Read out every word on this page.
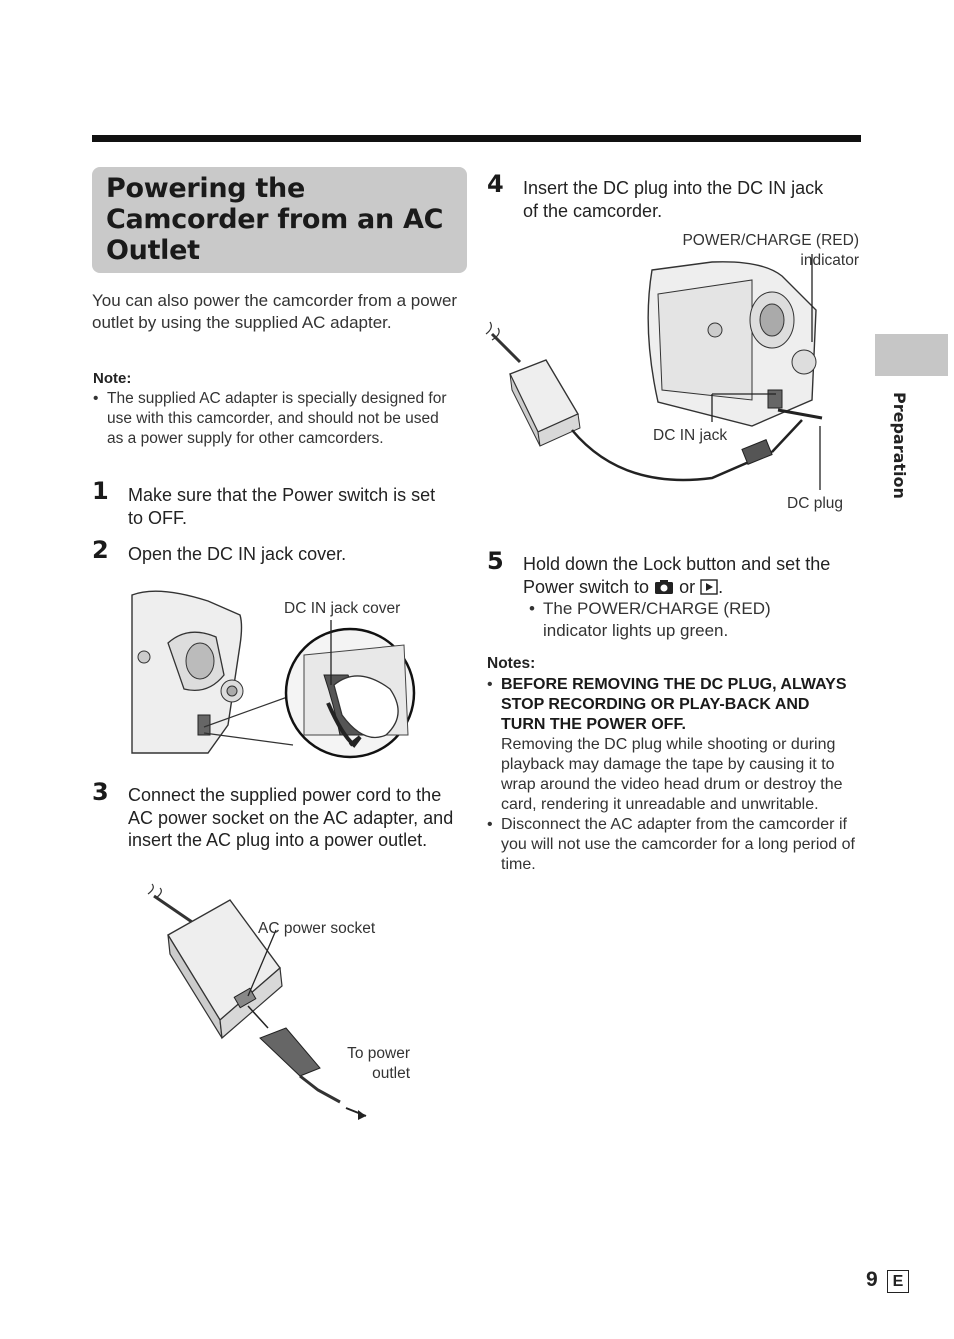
Powering the Camcorder from an AC Outlet
You can also power the camcorder from a power outlet by using the supplied AC adapter.
Note:
• The supplied AC adapter is specially designed for use with this camcorder, and should not be used as a power supply for other camcorders.
1 Make sure that the Power switch is set to OFF.
2 Open the DC IN jack cover.
DC IN jack cover
3 Connect the supplied power cord to the AC power socket on the AC adapter, and insert the AC plug into a power outlet.
AC power socket
To power outlet
4 Insert the DC plug into the DC IN jack of the camcorder.
POWER/CHARGE (RED) indicator
DC IN jack
DC plug
5 Hold down the Lock button and set the Power switch to or .
• The POWER/CHARGE (RED) indicator lights up green.
Notes:
• BEFORE REMOVING THE DC PLUG, ALWAYS STOP RECORDING OR PLAY-BACK AND TURN THE POWER OFF.
Removing the DC plug while shooting or during playback may damage the tape by causing it to wrap around the video head drum or destroy the card, rendering it unreadable and unwritable.
• Disconnect the AC adapter from the camcorder if you will not use the camcorder for a long period of time.
Preparation
9 E
